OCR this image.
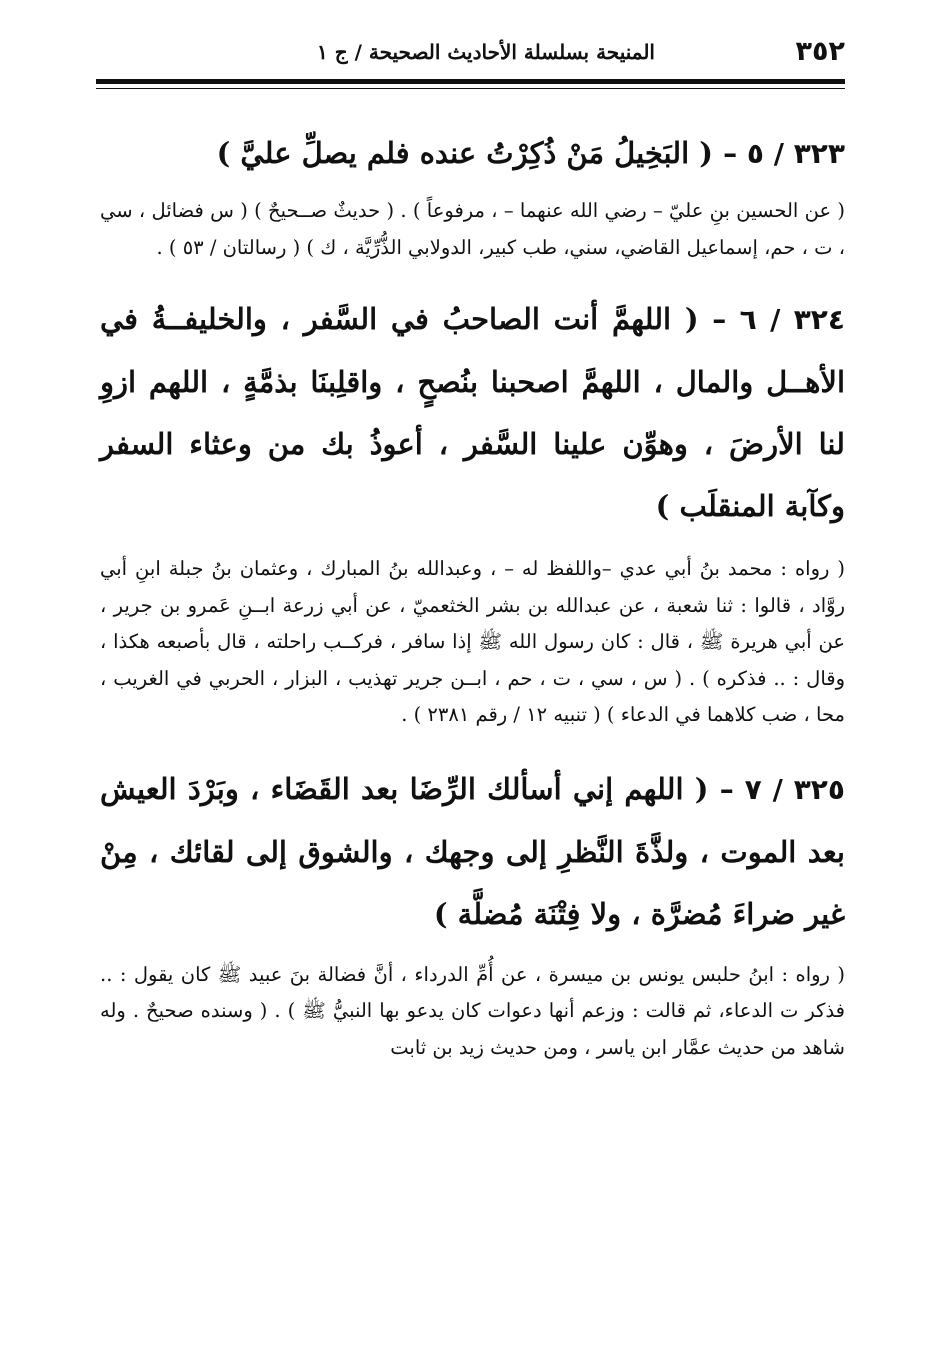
٣٥٢
المنيحة بسلسلة الأحاديث الصحيحة / ج ١

٣٢٣ / ٥ – ( البَخِيلُ مَنْ ذُكِرْتُ عنده فلم يصلِّ عليَّ )

( عن الحسين بنِ عليّ – رضي الله عنهما – ، مرفوعاً ) . ( حديثٌ صــحيحٌ ) ( س فضائل ، سي ، ت ، حم، إسماعيل القاضي، سني، طب كبير، الدولابي الذُّرِّيَّة ، ك ) ( رسالتان / ٥٣ ) .

٣٢٤ / ٦ – ( اللهمَّ أنت الصاحبُ في السَّفر ، والخليفــةُ في الأهــل والمال ، اللهمَّ اصحبنا بنُصحٍ ، واقلِبنَا بذمَّةٍ ، اللهم ازوِ لنا الأرضَ ، وهوِّن علينا السَّفر ، أعوذُ بك من وعثاء السفر وكآبة المنقلَب )

( رواه : محمد بنُ أبي عدي –واللفظ له – ، وعبدالله بنُ المبارك ، وعثمان بنُ جبلة ابنِ أبي روَّاد ، قالوا : ثنا شعبة ، عن عبدالله بن بشر الخثعميّ ، عن أبي زرعة ابــنِ عَمرو بن جرير ، عن أبي هريرة ﷺ ، قال : كان رسول الله ﷺ إذا سافر ، فركــب راحلته ، قال بأصبعه هكذا ، وقال : .. فذكره ) . ( س ، سي ، ت ، حم ، ابــن جرير تهذيب ، البزار ، الحربي في الغريب ، محا ، ضب كلاهما في الدعاء ) ( تنبيه ١٢ / رقم ٢٣٨١ ) .

٣٢٥ / ٧ – ( اللهم إني أسألك الرِّضَا بعد القَضَاء ، وبَرْدَ العيش بعد الموت ، ولذَّةَ النَّظرِ إلى وجهك ، والشوق إلى لقائك ، مِنْ غير ضراءَ مُضرَّة ، ولا فِتْنَة مُضلَّة )

( رواه : ابنُ حلبس يونس بن ميسرة ، عن أُمِّ الدرداء ، أنَّ فضالة بنَ عبيد ﷺ كان يقول : .. فذكر ت الدعاء، ثم قالت : وزعم أنها دعوات كان يدعو بها النبيُّ ﷺ ) . ( وسنده صحيحٌ . وله شاهد من حديث عمَّار ابن ياسر ، ومن حديث زيد بن ثابت
